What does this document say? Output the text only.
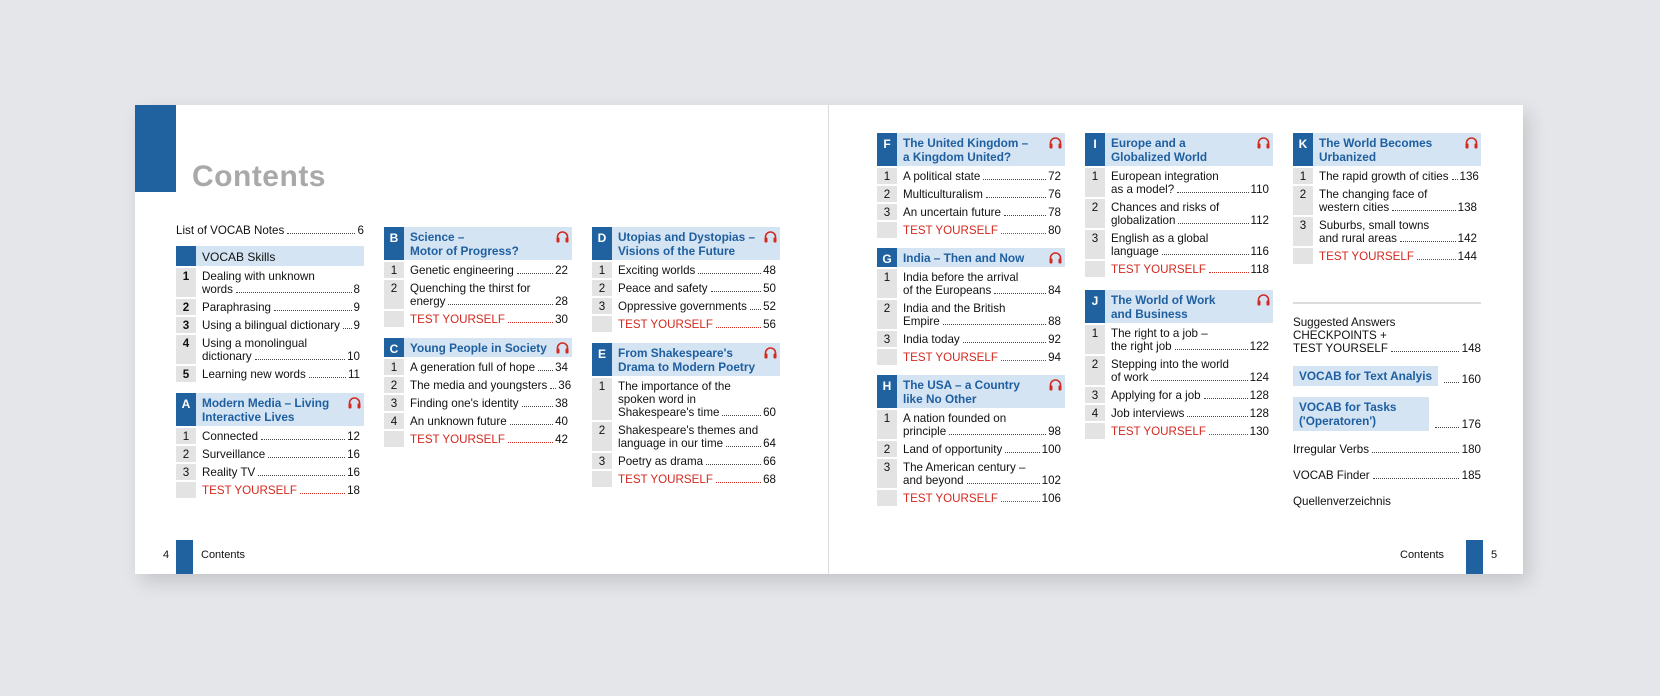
Contents
List of VOCAB Notes	6
VOCAB Skills
1	Dealing with unknown
words	8
2	Paraphrasing	9
3	Using a bilingual dictionary 9
4	Using a monolingual
dictionary	10
5	Learning new words	11
A Modern Media – Living
Interactive Lives
1	Connected	12
2	Surveillance	16
3	Reality TV	16
TEST YOURSELF	18
B Science –
Motor of Progress?
1	Genetic engineering	22
2	Quenching the thirst for
energy	28
TEST YOURSELF	30
C Young People in Society
1	A generation full of hope 34
2	The media and youngsters 36
3	Finding one's identity	38
4	An unknown future	40
TEST YOURSELF	42
D Utopias and Dystopias –
Visions of the Future
1	Exciting worlds	48
2	Peace and safety	50
3	Oppressive governments 52
TEST YOURSELF	56
E	From Shakespeare's
Drama to Modern Poetry
1	The importance of the
spoken word in
Shakespeare's time	60
2	Shakespeare's themes and
language in our time	64
3	Poetry as drama	66
TEST YOURSELF	68
4	Contents
F	The United Kingdom –
a Kingdom United?
1	A political state	72
2	Multiculturalism	76
3	An uncertain future	78
TEST YOURSELF	80
G India – Then and Now
1	India before the arrival
of the Europeans	84
2	India and the British
Empire	88
3	India today	92
TEST YOURSELF	94
H The USA – a Country
like No Other
1	A nation founded on
principle	98
2	Land of opportunity	100
3	The American century –
and beyond	102
TEST YOURSELF	106
I	Europe and a
Globalized World
1	European integration
as a model?	110
2	Chances and risks of
globalization	112
3	English as a global
language	116
TEST YOURSELF	118
J	The World of Work
and Business
1	The right to a job –
the right job	122
2	Stepping into the world
of work	124
3	Applying for a job	128
4	Job interviews	128
TEST YOURSELF	130
K The World Becomes
Urbanized
1	The rapid growth of cities 136
2	The changing face of
western cities	138
3	Suburbs, small towns
and rural areas	142
TEST YOURSELF	144
Suggested Answers
CHECKPOINTS +
TEST YOURSELF	148
VOCAB for Text Analyis	160
VOCAB for Tasks
('Operatoren')	176
Irregular Verbs	180
VOCAB Finder	185
Quellenverzeichnis
Contents	5
